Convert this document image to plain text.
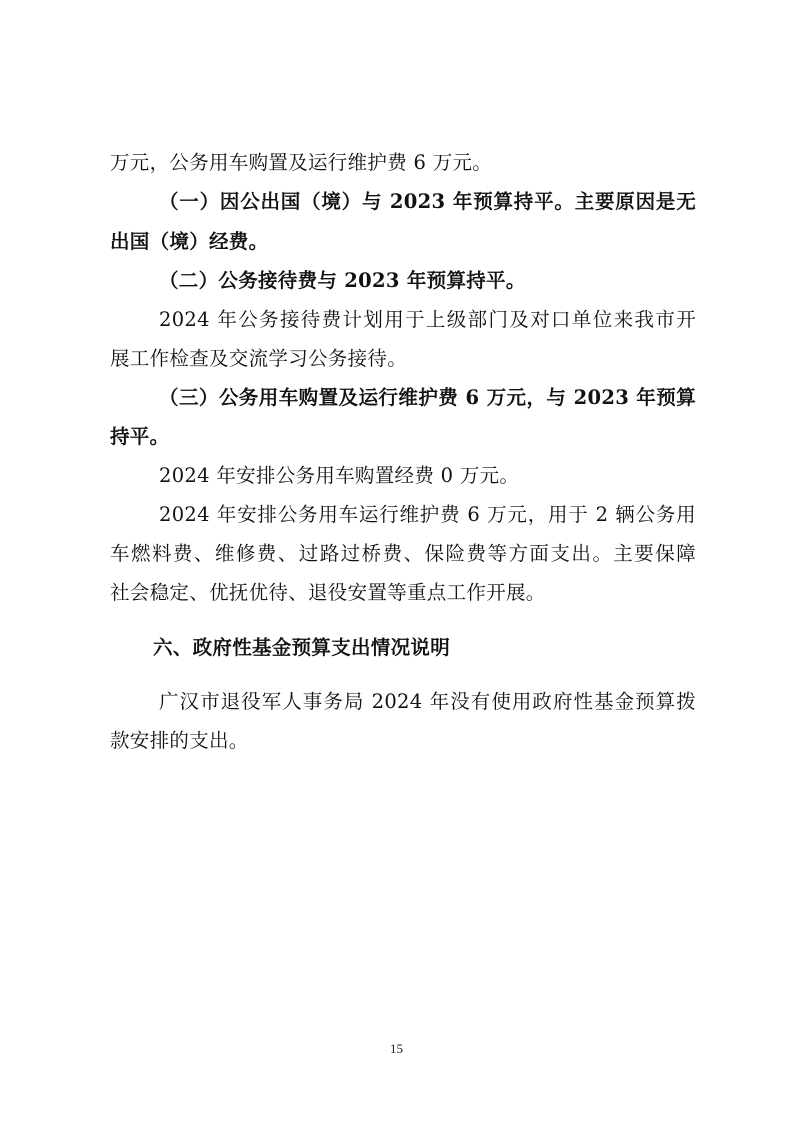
万元，公务用车购置及运行维护费 6 万元。
（一）因公出国（境）与 2023 年预算持平。主要原因是无
出国（境）经费。
（二）公务接待费与 2023 年预算持平。
2024 年公务接待费计划用于上级部门及对口单位来我市开
展工作检查及交流学习公务接待。
（三）公务用车购置及运行维护费 6 万元，与 2023 年预算
持平。
2024 年安排公务用车购置经费 0 万元。
2024 年安排公务用车运行维护费 6 万元，用于 2 辆公务用
车燃料费、维修费、过路过桥费、保险费等方面支出。主要保障
社会稳定、优抚优待、退役安置等重点工作开展。
六、政府性基金预算支出情况说明
广汉市退役军人事务局 2024 年没有使用政府性基金预算拨
款安排的支出。
15
